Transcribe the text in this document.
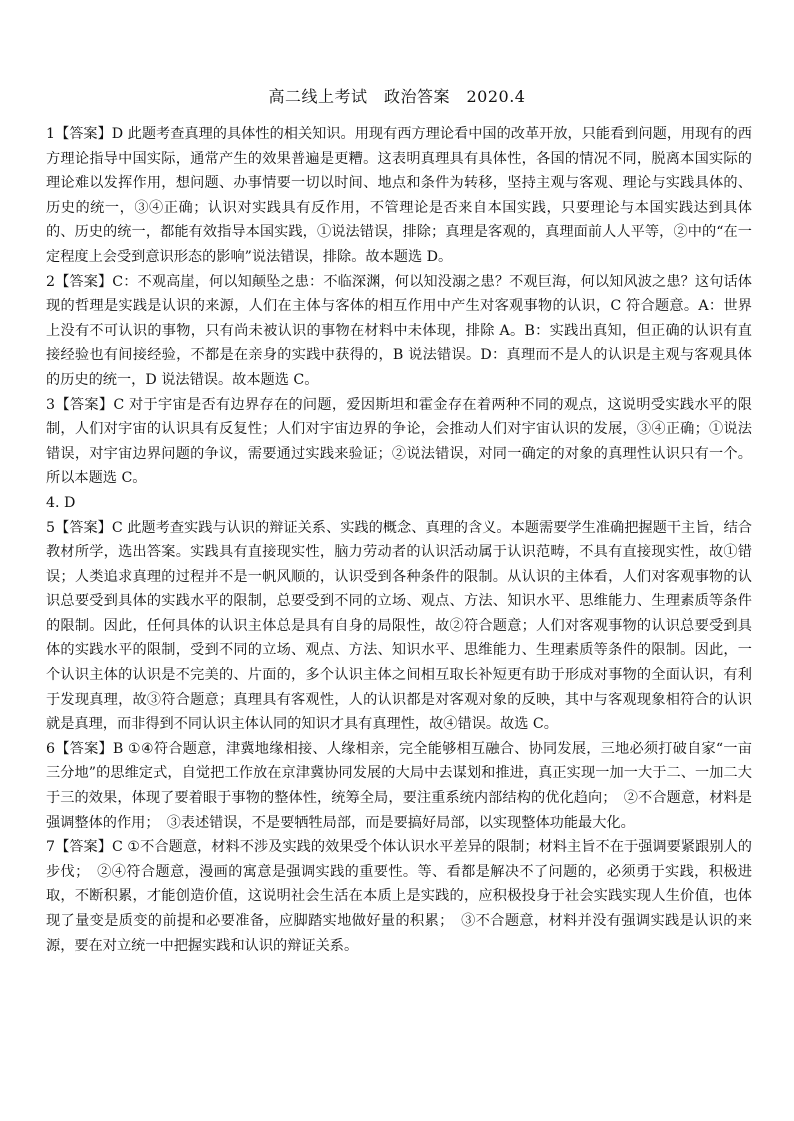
高二线上考试　政治答案　2020.4

1【答案】D 此题考查真理的具体性的相关知识。用现有西方理论看中国的改革开放，只能看到问题，用现有的西方理论指导中国实际，通常产生的效果普遍是更糟。这表明真理具有具体性，各国的情况不同，脱离本国实际的理论难以发挥作用，想问题、办事情要一切以时间、地点和条件为转移，坚持主观与客观、理论与实践具体的、历史的统一，③④正确；认识对实践具有反作用，不管理论是否来自本国实践，只要理论与本国实践达到具体的、历史的统一，都能有效指导本国实践，①说法错误，排除；真理是客观的，真理面前人人平等，②中的“在一定程度上会受到意识形态的影响”说法错误，排除。故本题选 D。

2【答案】C：不观高崖，何以知颠坠之患：不临深渊，何以知没溺之患？不观巨海，何以知风波之患？这句话体现的哲理是实践是认识的来源，人们在主体与客体的相互作用中产生对客观事物的认识，C 符合题意。A：世界上没有不可认识的事物，只有尚未被认识的事物在材料中未体现，排除 A。B：实践出真知，但正确的认识有直接经验也有间接经验，不都是在亲身的实践中获得的，B 说法错误。D：真理而不是人的认识是主观与客观具体的历史的统一，D 说法错误。故本题选 C。

3【答案】C 对于宇宙是否有边界存在的问题，爱因斯坦和霍金存在着两种不同的观点，这说明受实践水平的限制，人们对宇宙的认识具有反复性；人们对宇宙边界的争论，会推动人们对宇宙认识的发展，③④正确；①说法错误，对宇宙边界问题的争议，需要通过实践来验证；②说法错误，对同一确定的对象的真理性认识只有一个。所以本题选 C。

4. D

5【答案】C 此题考查实践与认识的辩证关系、实践的概念、真理的含义。本题需要学生准确把握题干主旨，结合教材所学，选出答案。实践具有直接现实性，脑力劳动者的认识活动属于认识范畴，不具有直接现实性，故①错误；人类追求真理的过程并不是一帆风顺的，认识受到各种条件的限制。从认识的主体看，人们对客观事物的认识总要受到具体的实践水平的限制，总要受到不同的立场、观点、方法、知识水平、思维能力、生理素质等条件的限制。因此，任何具体的认识主体总是具有自身的局限性，故②符合题意；人们对客观事物的认识总要受到具体的实践水平的限制，受到不同的立场、观点、方法、知识水平、思维能力、生理素质等条件的限制。因此，一个认识主体的认识是不完美的、片面的，多个认识主体之间相互取长补短更有助于形成对事物的全面认识，有利于发现真理，故③符合题意；真理具有客观性，人的认识都是对客观对象的反映，其中与客观现象相符合的认识就是真理，而非得到不同认识主体认同的知识才具有真理性，故④错误。故选 C。

6【答案】B ①④符合题意，津冀地缘相接、人缘相亲，完全能够相互融合、协同发展，三地必须打破自家“一亩三分地”的思维定式，自觉把工作放在京津冀协同发展的大局中去谋划和推进，真正实现一加一大于二、一加二大于三的效果，体现了要着眼于事物的整体性，统筹全局，要注重系统内部结构的优化趋向；　②不合题意，材料是强调整体的作用；　③表述错误，不是要牺牲局部，而是要搞好局部，以实现整体功能最大化。

7【答案】C ①不合题意，材料不涉及实践的效果受个体认识水平差异的限制；材料主旨不在于强调要紧跟别人的步伐；　②④符合题意，漫画的寓意是强调实践的重要性。等、看都是解决不了问题的，必须勇于实践，积极进取，不断积累，才能创造价值，这说明社会生活在本质上是实践的，应积极投身于社会实践实现人生价值，也体现了量变是质变的前提和必要准备，应脚踏实地做好量的积累；　③不合题意，材料并没有强调实践是认识的来源，要在对立统一中把握实践和认识的辩证关系。
